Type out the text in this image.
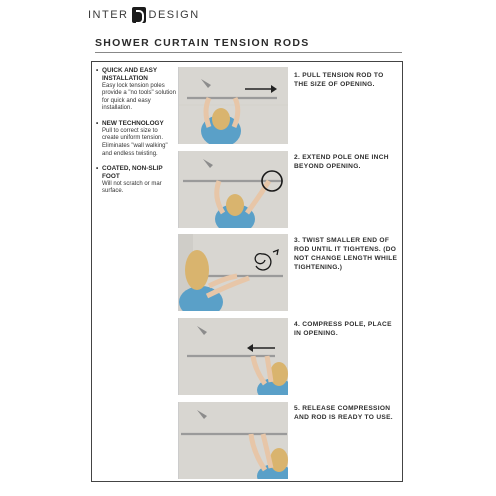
INTER DESIGN
SHOWER CURTAIN TENSION RODS
• QUICK AND EASY INSTALLATION
Easy lock tension poles provide a "no tools" solution for quick and easy installation.
• NEW TECHNOLOGY
Pull to correct size to create uniform tension. Eliminates "wall walking" and endless twisting.
• COATED, NON-SLIP FOOT
Will not scratch or mar surface.
1. PULL TENSION ROD TO THE SIZE OF OPENING.
2. EXTEND POLE ONE INCH BEYOND OPENING.
3. TWIST SMALLER END OF ROD UNTIL IT TIGHTENS. (DO NOT CHANGE LENGTH WHILE TIGHTENING.)
4. COMPRESS POLE, PLACE IN OPENING.
5. RELEASE COMPRESSION AND ROD IS READY TO USE.
